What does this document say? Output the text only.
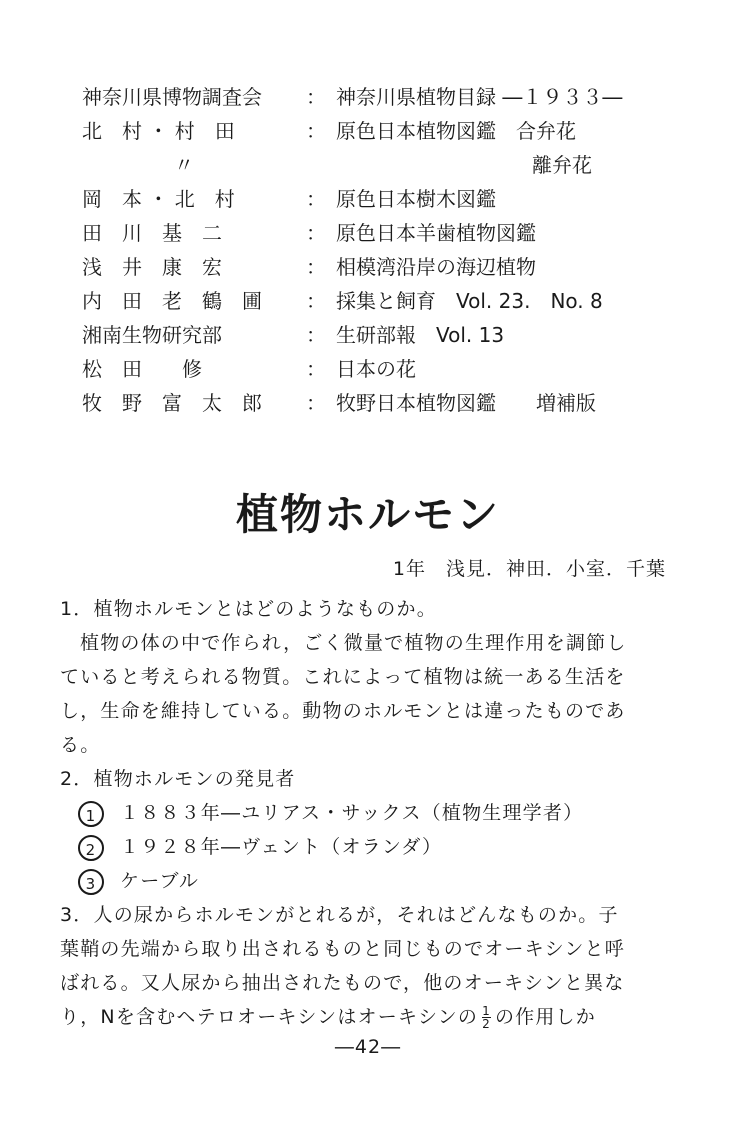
神奈川県博物調査会	： 神奈川県植物目録 ―１９３３―
北　村 ・ 村　田	： 原色日本植物図鑑　合弁花
〃	離弁花
岡　本 ・ 北　村	： 原色日本樹木図鑑
田　川　基　二	： 原色日本羊歯植物図鑑
浅　井　康　宏	： 相模湾沿岸の海辺植物
内　田　老　鶴　圃	： 採集と飼育　Vol. 23.　No. 8
湘南生物研究部	： 生研部報　Vol. 13
松　田　　修	： 日本の花
牧　野　富　太　郎	： 牧野日本植物図鑑　　増補版
植物ホルモン
1年　浅見．神田．小室．千葉
1．植物ホルモンとはどのようなものか。
植物の体の中で作られ，ごく微量で植物の生理作用を調節し
ていると考えられる物質。これによって植物は統一ある生活を
し，生命を維持している。動物のホルモンとは違ったものであ
る。
2．植物ホルモンの発見者
1 １８８３年―ユリアス・サックス（植物生理学者）
2 １９２８年―ヴェント（オランダ）
3 ケーブル
3．人の尿からホルモンがとれるが，それはどんなものか。子
葉鞘の先端から取り出されるものと同じものでオーキシンと呼
ばれる。又人尿から抽出されたもので，他のオーキシンと異な
り，Nを含むヘテロオーキシンはオーキシンの $\frac{1}{2}$ の作用しか
―42―
